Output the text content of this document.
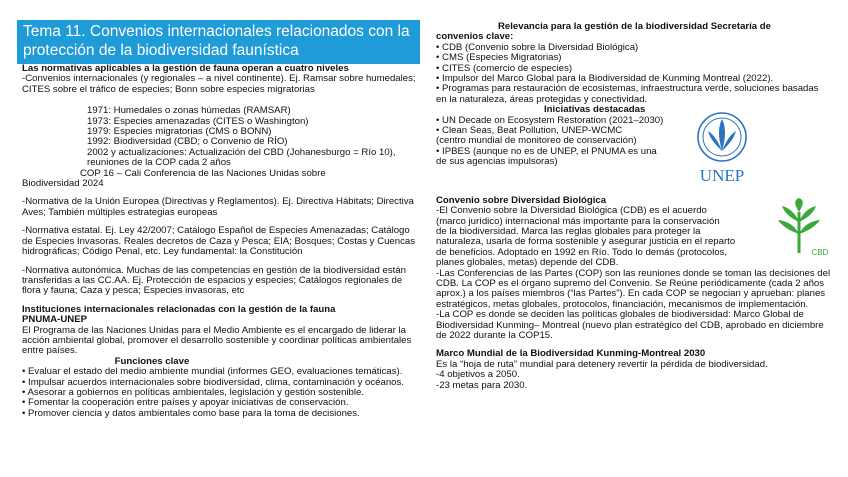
Tema 11. Convenios internacionales relacionados con la protección de la biodiversidad faunística
Las normativas aplicables a la gestión de fauna operan a cuatro niveles
-Convenios internacionales (y regionales – a nivel continente). Ej. Ramsar sobre humedales; CITES sobre el tráfico de especies; Bonn sobre especies migratorias
1971: Humedales o zonas húmedas (RAMSAR)
1973: Especies amenazadas (CITES o Washington)
1979: Especies migratorias (CMS o BONN)
1992: Biodiversidad (CBD; o Convenio de RÍO)
2002 y actualizaciones: Actualización del CBD (Johanesburgo = Río 10), reuniones de la COP cada 2 años
COP 16 – Cali Conferencia de las Naciones Unidas sobre
Biodiversidad 2024
-Normativa de la Unión Europea (Directivas y Reglamentos). Ej. Directiva Hábitats; Directiva Aves; También múltiples estrategias europeas
-Normativa estatal. Ej. Ley 42/2007; Catálogo Español de Especies Amenazadas; Catálogo de Especies Invasoras. Reales decretos de Caza y Pesca; EIA; Bosques; Costas y Cuencas hidrográficas; Código Penal, etc. Ley fundamental: la Constitución
-Normativa autonómica. Muchas de las competencias en gestión de la biodiversidad están transferidas a las CC.AA. Ej. Protección de espacios y especies; Catálogos regionales de flora y fauna; Caza y pesca; Especies invasoras, etc
Instituciones internacionales relacionadas con la gestión de la fauna
PNUMA-UNEP
El Programa de las Naciones Unidas para el Medio Ambiente es el encargado de liderar la acción ambiental global, promover el desarrollo sostenible y coordinar políticas ambientales entre países.
Funciones clave
• Evaluar el estado del medio ambiente mundial (informes GEO, evaluaciones temáticas).
• Impulsar acuerdos internacionales sobre biodiversidad, clima, contaminación y océanos.
• Asesorar a gobiernos en políticas ambientales, legislación y gestión sostenible.
• Fomentar la cooperación entre países y apoyar iniciativas de conservación.
• Promover ciencia y datos ambientales como base para la toma de decisiones.
Relevancia para la gestión de la biodiversidad Secretaría de
convenios clave:
• CDB (Convenio sobre la Diversidad Biológica)
• CMS (Especies Migratorias)
• CITES (comercio de especies)
• Impulsor del Marco Global para la Biodiversidad de Kunming Montreal (2022).
• Programas para restauración de ecosistemas, infraestructura verde, soluciones basadas en la naturaleza, áreas protegidas y conectividad.
Iniciativas destacadas
• UN Decade on Ecosystem Restoration (2021–2030)
• Clean Seas, Beat Pollution, UNEP-WCMC
(centro mundial de monitoreo de conservación)
• IPBES (aunque no es de UNEP, el PNUMA es una
de sus agencias impulsoras)
Convenio sobre Diversidad Biológica
-El Convenio sobre la Diversidad Biológica (CDB) es el acuerdo
(marco jurídico) internacional más importante para la conservación
de la biodiversidad. Marca las reglas globales para proteger la
naturaleza, usarla de forma sostenible y asegurar justicia en el reparto
de beneficios. Adoptado en 1992 en Río. Todo lo demás (protocolos,
planes globales, metas) depende del CDB.
-Las Conferencias de las Partes (COP) son las reuniones donde se toman las decisiones del CDB. La COP es el órgano supremo del Convenio. Se Reúne periódicamente (cada 2 años aprox.) a los países miembros (“las Partes”). En cada COP se negocian y aprueban: planes estratégicos, metas globales, protocolos, financiación, mecanismos de implementación.
-La COP es donde se deciden las políticas globales de biodiversidad: Marco Global de Biodiversidad Kunming– Montreal (nuevo plan estratégico del CDB, aprobado en diciembre de 2022 durante la COP15.
Marco Mundial de la Biodiversidad Kunming-Montreal 2030
Es la “hoja de ruta” mundial para detenery revertir la pérdida de biodiversidad.
-4 objetivos a 2050.
-23 metas para 2030.
UNEP
CBD
